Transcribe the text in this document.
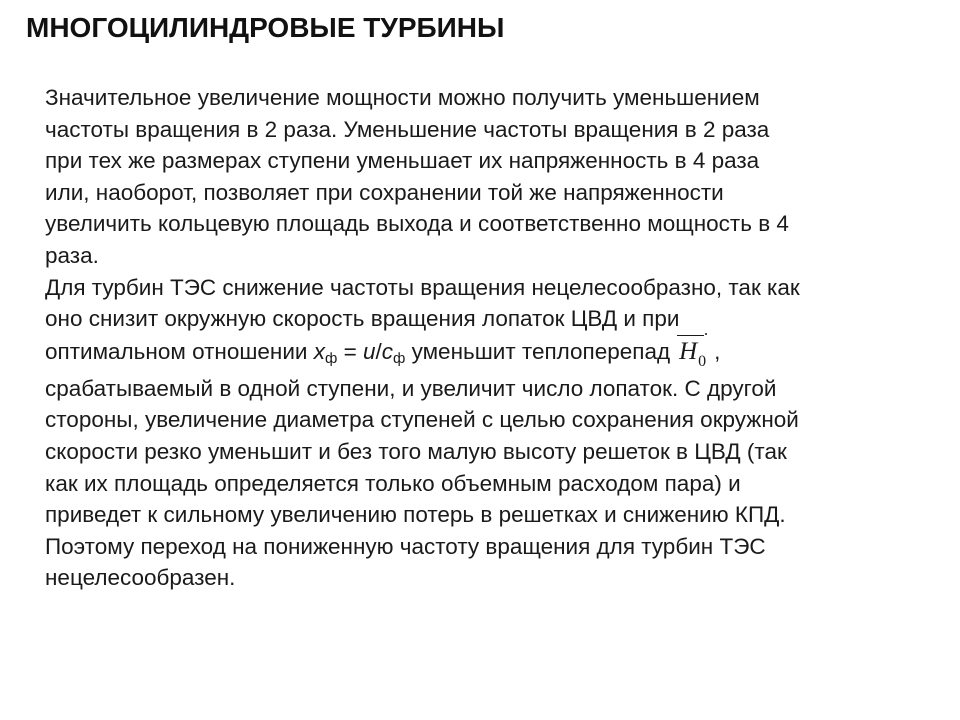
МНОГОЦИЛИНДРОВЫЕ ТУРБИНЫ
Значительное увеличение мощности можно получить уменьшением
частоты вращения в 2 раза. Уменьшение частоты вращения в 2 раза
при тех же размерах ступени уменьшает их напряженность в 4 раза
или, наоборот, позволяет при сохранении той же напряженности
увеличить кольцевую площадь выхода и соответственно мощность в 4
раза.
Для турбин ТЭС снижение частоты вращения нецелесообразно, так как
оно снизит окружную скорость вращения лопаток ЦВД и при
оптимальном отношении $x_ф = u/c_ф$ уменьшит теплоперепад H 0 ,
срабатываемый в одной ступени, и увеличит число лопаток. С другой
стороны, увеличение диаметра ступеней с целью сохранения окружной
скорости резко уменьшит и без того малую высоту решеток в ЦВД (так
как их площадь определяется только объемным расходом пара) и
приведет к сильному увеличению потерь в решетках и снижению КПД.
Поэтому переход на пониженную частоту вращения для турбин ТЭС
нецелесообразен.
